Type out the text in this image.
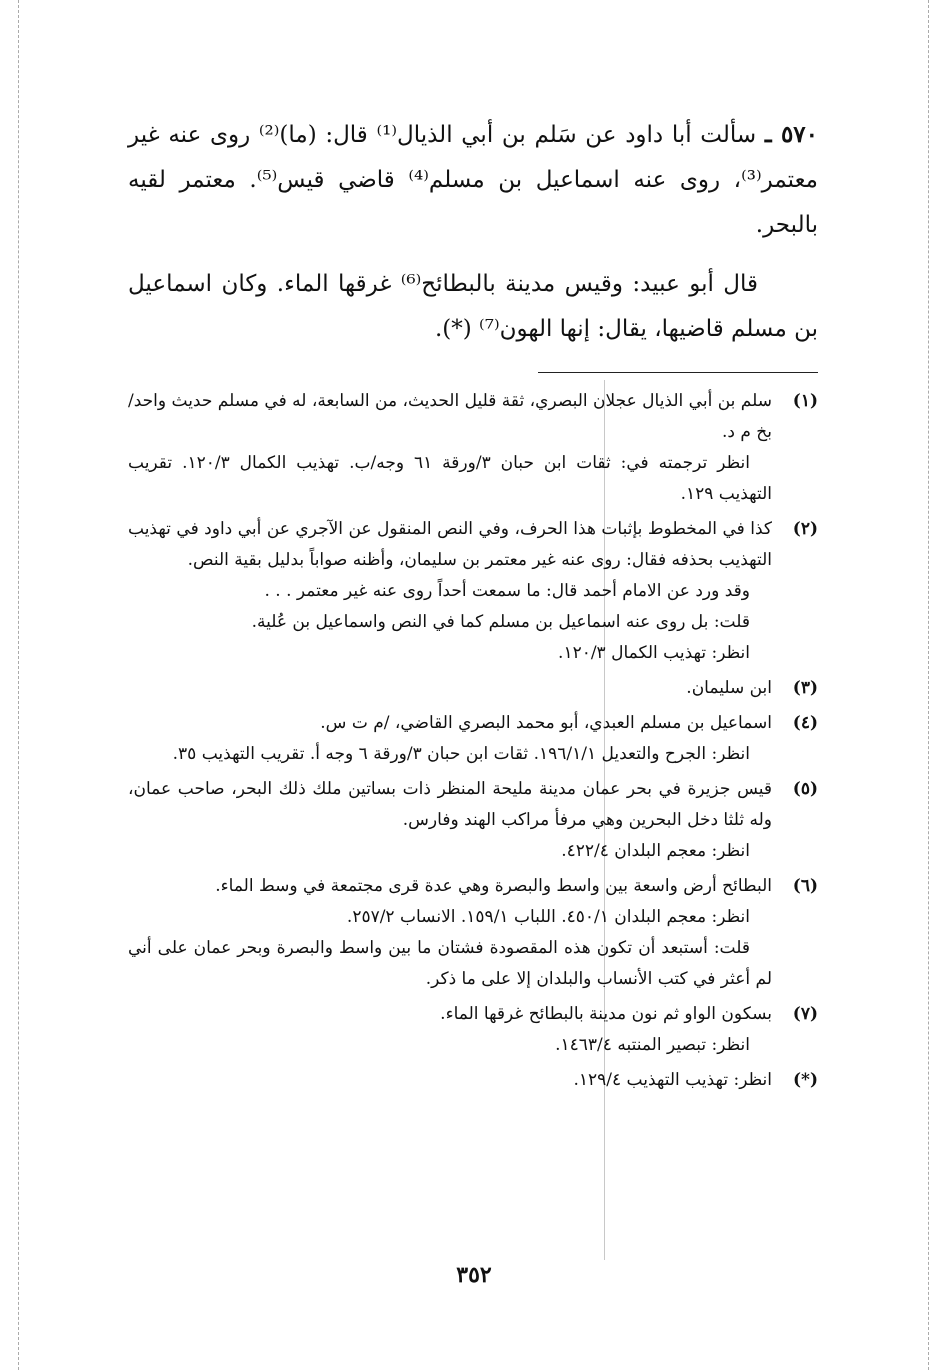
٥٧٠ ـ سألت أبا داود عن سَلم بن أبي الذيال⁽¹⁾ قال: (ما)⁽²⁾ روى عنه غير معتمر⁽³⁾، روى عنه اسماعيل بن مسلم⁽⁴⁾ قاضي قيس⁽⁵⁾. معتمر لقيه بالبحر.

قال أبو عبيد: وقيس مدينة بالبطائح⁽⁶⁾ غرقها الماء. وكان اسماعيل بن مسلم قاضيها، يقال: إنها الهون⁽⁷⁾ (*).

(١)

سلم بن أبي الذيال عجلان البصري، ثقة قليل الحديث، من السابعة، له في مسلم حديث واحد/بخ م د.

انظر ترجمته في: ثقات ابن حبان ٣/ورقة ٦١ وجه/ب. تهذيب الكمال ١٢٠/٣. تقريب التهذيب ١٢٩.

(٢)

كذا في المخطوط بإثبات هذا الحرف، وفي النص المنقول عن الآجري عن أبي داود في تهذيب التهذيب بحذفه فقال: روى عنه غير معتمر بن سليمان، وأظنه صواباً بدليل بقية النص.

وقد ورد عن الامام أحمد قال: ما سمعت أحداً روى عنه غير معتمر . . .

قلت: بل روى عنه اسماعيل بن مسلم كما في النص واسماعيل بن عُلية.

انظر: تهذيب الكمال ١٢٠/٣.

(٣)

ابن سليمان.

(٤)

اسماعيل بن مسلم العبدي، أبو محمد البصري القاضي، /م ت س.

انظر: الجرح والتعديل ١٩٦/١/١. ثقات ابن حبان ٣/ورقة ٦ وجه أ. تقريب التهذيب ٣٥.

(٥)

قيس جزيرة في بحر عمان مدينة مليحة المنظر ذات بساتين ملك ذلك البحر، صاحب عمان، وله ثلثا دخل البحرين وهي مرفأ مراكب الهند وفارس.

انظر: معجم البلدان ٤٢٢/٤.

(٦)

البطائح أرض واسعة بين واسط والبصرة وهي عدة قرى مجتمعة في وسط الماء.

انظر: معجم البلدان ٤٥٠/١. اللباب ١٥٩/١. الانساب ٢٥٧/٢.

قلت: أستبعد أن تكون هذه المقصودة فشتان ما بين واسط والبصرة وبحر عمان على أني لم أعثر في كتب الأنساب والبلدان إلا على ما ذكر.

(٧)

بسكون الواو ثم نون مدينة بالبطائح غرقها الماء.

انظر: تبصير المنتبه ١٤٦٣/٤.

(*)

انظر: تهذيب التهذيب ١٢٩/٤.

٣٥٢
